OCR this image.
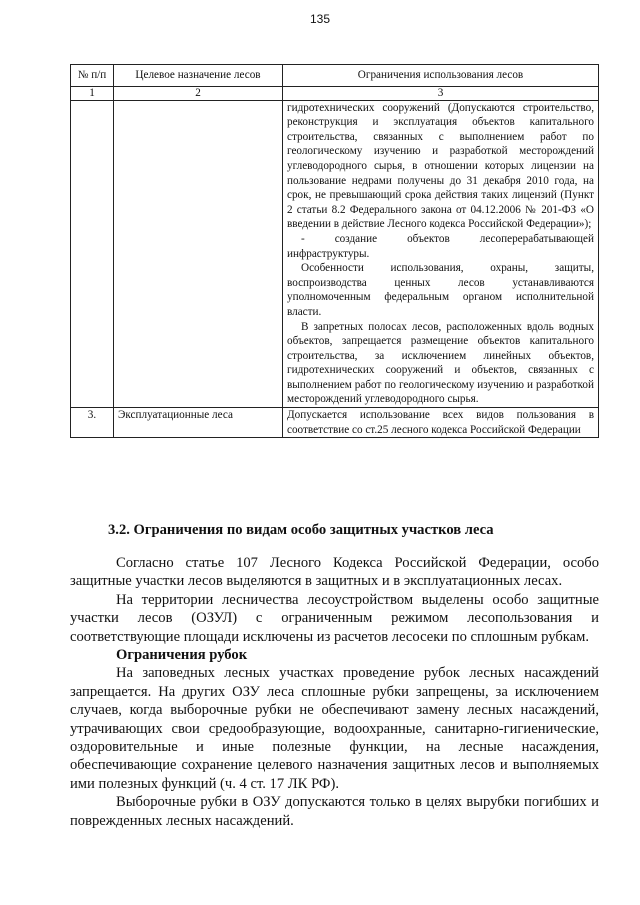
135
№ п/п	Целевое назначение лесов	Ограничения использования лесов
1	2	3

		гидротехнических сооружений (Допускаются строительство, реконструкция и эксплуатация объектов капитального строительства, связанных с выполнением работ по геологическому изучению и разработкой месторождений углеводородного сырья, в отношении которых лицензии на пользование недрами получены до 31 декабря 2010 года, на срок, не превышающий срока действия таких лицензий (Пункт 2 статьи 8.2 Федерального закона от 04.12.2006 № 201-ФЗ «О введении в действие Лесного кодекса Российской Федерации»);

- создание объектов лесоперерабатывающей инфраструктуры.

Особенности использования, охраны, защиты, воспроизводства ценных лесов устанавливаются уполномоченным федеральным органом исполнительной власти.

В запретных полосах лесов, расположенных вдоль водных объектов, запрещается размещение объектов капитального строительства, за исключением линейных объектов, гидротехнических сооружений и объектов, связанных с выполнением работ по геологическому изучению и разработкой месторождений углеводородного сырья.

3.	Эксплуатационные леса	Допускается использование всех видов пользования в соответствие со ст.25 лесного кодекса Российской Федерации

3.2. Ограничения по видам особо защитных участков леса

Согласно статье 107 Лесного Кодекса Российской Федерации, особо защитные участки лесов выделяются в защитных и в эксплуатационных лесах.

На территории лесничества лесоустройством выделены особо защитные участки лесов (ОЗУЛ) с ограниченным режимом лесопользования и соответствующие площади исключены из расчетов лесосеки по сплошным рубкам.

Ограничения рубок

На заповедных лесных участках проведение рубок лесных насаждений запрещается. На других ОЗУ леса сплошные рубки запрещены, за исключением случаев, когда выборочные рубки не обеспечивают замену лесных насаждений, утрачивающих свои средообразующие, водоохранные, санитарно-гигиенические, оздоровительные и иные полезные функции, на лесные насаждения, обеспечивающие сохранение целевого назначения защитных лесов и выполняемых ими полезных функций (ч. 4 ст. 17 ЛК РФ).

Выборочные рубки в ОЗУ допускаются только в целях вырубки погибших и поврежденных лесных насаждений.
